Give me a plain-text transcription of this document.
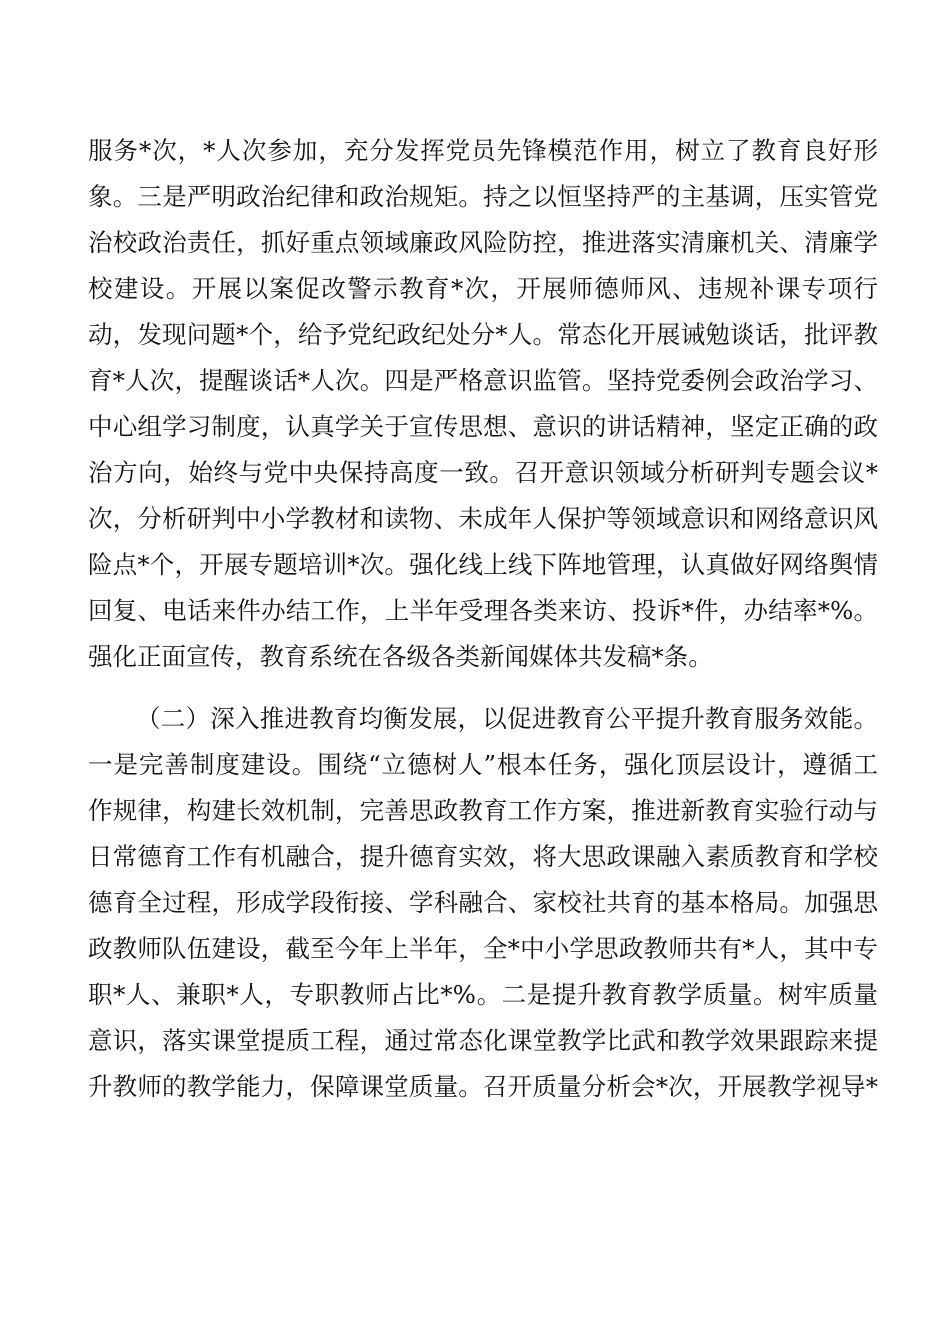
服务*次，*人次参加，充分发挥党员先锋模范作用，树立了教育良好形
象。三是严明政治纪律和政治规矩。持之以恒坚持严的主基调，压实管党
治校政治责任，抓好重点领域廉政风险防控，推进落实清廉机关、清廉学
校建设。开展以案促改警示教育*次，开展师德师风、违规补课专项行
动，发现问题*个，给予党纪政纪处分*人。常态化开展诫勉谈话，批评教
育*人次，提醒谈话*人次。四是严格意识监管。坚持党委例会政治学习、
中心组学习制度，认真学关于宣传思想、意识的讲话精神，坚定正确的政
治方向，始终与党中央保持高度一致。召开意识领域分析研判专题会议*
次，分析研判中小学教材和读物、未成年人保护等领域意识和网络意识风
险点*个，开展专题培训*次。强化线上线下阵地管理，认真做好网络舆情
回复、电话来件办结工作，上半年受理各类来访、投诉*件，办结率*%。
强化正面宣传，教育系统在各级各类新闻媒体共发稿*条。
（二）深入推进教育均衡发展，以促进教育公平提升教育服务效能。
一是完善制度建设。围绕“立德树人”根本任务，强化顶层设计，遵循工
作规律，构建长效机制，完善思政教育工作方案，推进新教育实验行动与
日常德育工作有机融合，提升德育实效，将大思政课融入素质教育和学校
德育全过程，形成学段衔接、学科融合、家校社共育的基本格局。加强思
政教师队伍建设，截至今年上半年，全*中小学思政教师共有*人，其中专
职*人、兼职*人，专职教师占比*%。二是提升教育教学质量。树牢质量
意识，落实课堂提质工程，通过常态化课堂教学比武和教学效果跟踪来提
升教师的教学能力，保障课堂质量。召开质量分析会*次，开展教学视导*
